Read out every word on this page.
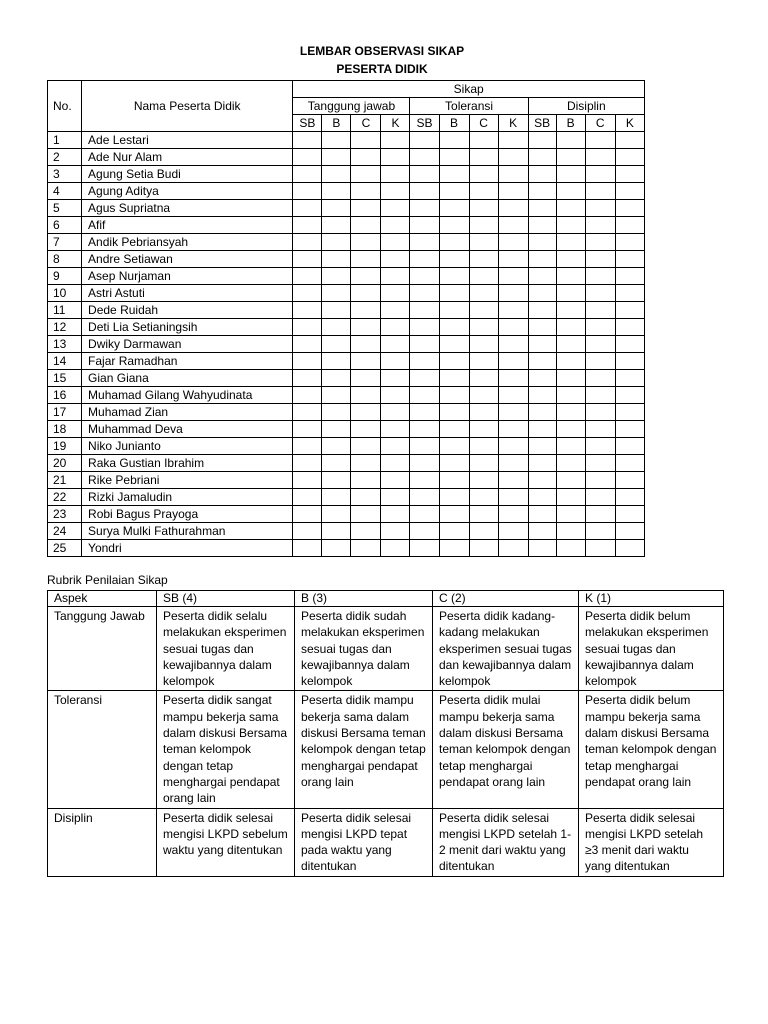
LEMBAR OBSERVASI SIKAP
PESERTA DIDIK
No.	Nama Peserta Didik	Sikap											
		Tanggung jawab				Toleransi				Disiplin			
		SB	B	C	K	SB	B	C	K	SB	B	C	K
1	Ade Lestari												
2	Ade Nur Alam												
3	Agung Setia Budi												
4	Agung Aditya												
5	Agus Supriatna												
6	Afif												
7	Andik Pebriansyah												
8	Andre Setiawan												
9	Asep Nurjaman												
10	Astri Astuti												
11	Dede Ruidah												
12	Deti Lia Setianingsih												
13	Dwiky Darmawan												
14	Fajar Ramadhan												
15	Gian Giana												
16	Muhamad Gilang Wahyudinata												
17	Muhamad Zian												
18	Muhammad Deva												
19	Niko Junianto												
20	Raka Gustian Ibrahim												
21	Rike Pebriani												
22	Rizki Jamaludin												
23	Robi Bagus Prayoga												
24	Surya Mulki Fathurahman												
25	Yondri												
Rubrik Penilaian Sikap
Aspek	SB (4)	B (3)	C (2)	K (1)
Tanggung Jawab	Peserta didik selalu melakukan eksperimen sesuai tugas dan kewajibannya dalam kelompok	Peserta didik sudah melakukan eksperimen sesuai tugas dan kewajibannya dalam kelompok	Peserta didik kadang-kadang melakukan eksperimen sesuai tugas dan kewajibannya dalam kelompok	Peserta didik belum melakukan eksperimen sesuai tugas dan kewajibannya dalam kelompok
Toleransi	Peserta didik sangat mampu bekerja sama dalam diskusi Bersama teman kelompok dengan tetap menghargai pendapat orang lain	Peserta didik mampu bekerja sama dalam diskusi Bersama teman kelompok dengan tetap menghargai pendapat orang lain	Peserta didik mulai mampu bekerja sama dalam diskusi Bersama teman kelompok dengan tetap menghargai pendapat orang lain	Peserta didik belum mampu bekerja sama dalam diskusi Bersama teman kelompok dengan tetap menghargai pendapat orang lain
Disiplin	Peserta didik selesai mengisi LKPD sebelum waktu yang ditentukan	Peserta didik selesai mengisi LKPD tepat pada waktu yang ditentukan	Peserta didik selesai mengisi LKPD setelah 1-2 menit dari waktu yang ditentukan	Peserta didik selesai mengisi LKPD setelah ≥3 menit dari waktu yang ditentukan
